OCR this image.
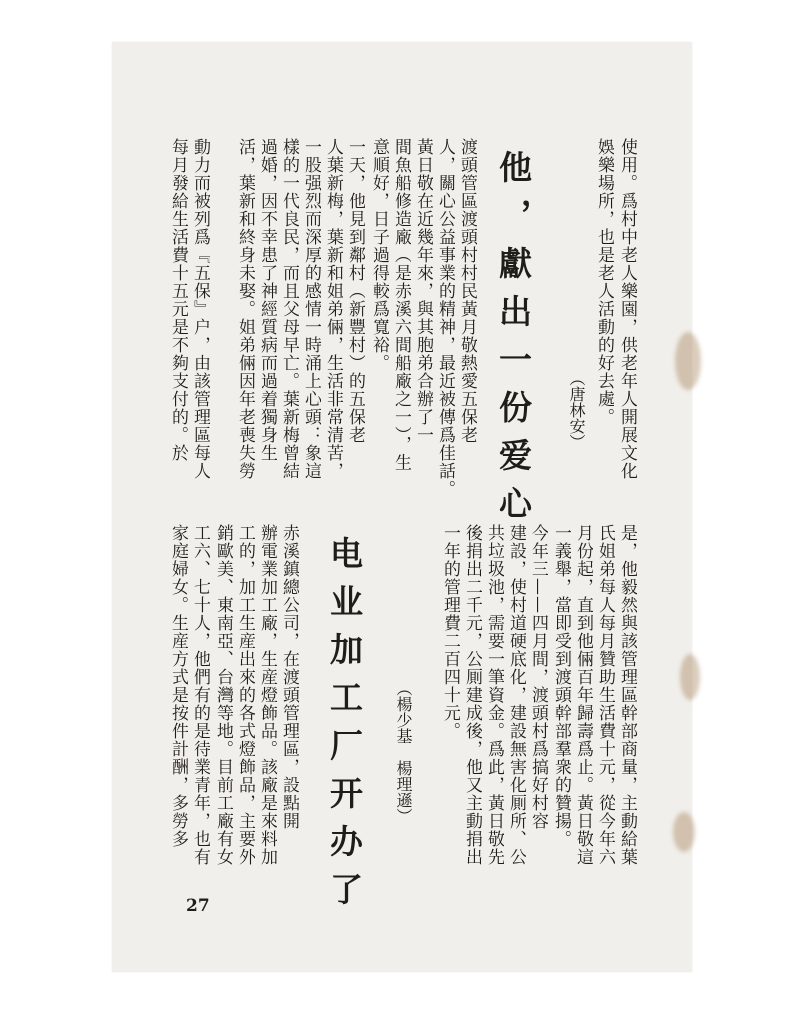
使用。爲村中老人樂園，供老年人開展文化
娛樂場所，也是老人活動的好去處。
（唐林安）
他，獻出一份爱心
渡頭管區渡頭村村民黃月敬熱愛五保老
人，關心公益事業的精神，最近被傳爲佳話。
黃日敬在近幾年來，與其胞弟合辦了一
間魚船修造廠（是赤溪六間船廠之一），生
意順好，日子過得較爲寬裕。
一天，他見到鄰村（新豐村）的五保老
人葉新梅，葉新和姐弟倆，生活非常清苦，
一股强烈而深厚的感情一時涌上心頭：象這
樣的一代良民，而且父母早亡。葉新梅曾結
過婚，因不幸患了神經質病而過着獨身生
活，葉新和終身未娶。姐弟倆因年老喪失勞
動力而被列爲『五保』户，由該管理區每人
每月發給生活費十五元是不夠支付的。於
是，他毅然與該管理區幹部商量，主動給葉
氏姐弟每人每月贊助生活費十元，從今年六
月份起，直到他倆百年歸壽爲止。黃日敬這
一義舉，當即受到渡頭幹部羣衆的贊揚。
今年三——四月間，渡頭村爲搞好村容
建設，使村道硬底化，建設無害化厠所、公
共垃圾池，需要一筆資金。爲此，黃日敬先
後捐出二千元，公厠建成後，他又主動捐出
一年的管理費二百四十元。
（楊少基　楊理遜）
电业加工厂开办了
赤溪鎮總公司，在渡頭管理區，設點開
辦電業加工廠，生産燈飾品。該廠是來料加
工的，加工生産出來的各式燈飾品，主要外
銷歐美、東南亞、台灣等地。目前工廠有女
工六、七十人，他們有的是待業青年，也有
家庭婦女。生産方式是按件計酬，多勞多
27
